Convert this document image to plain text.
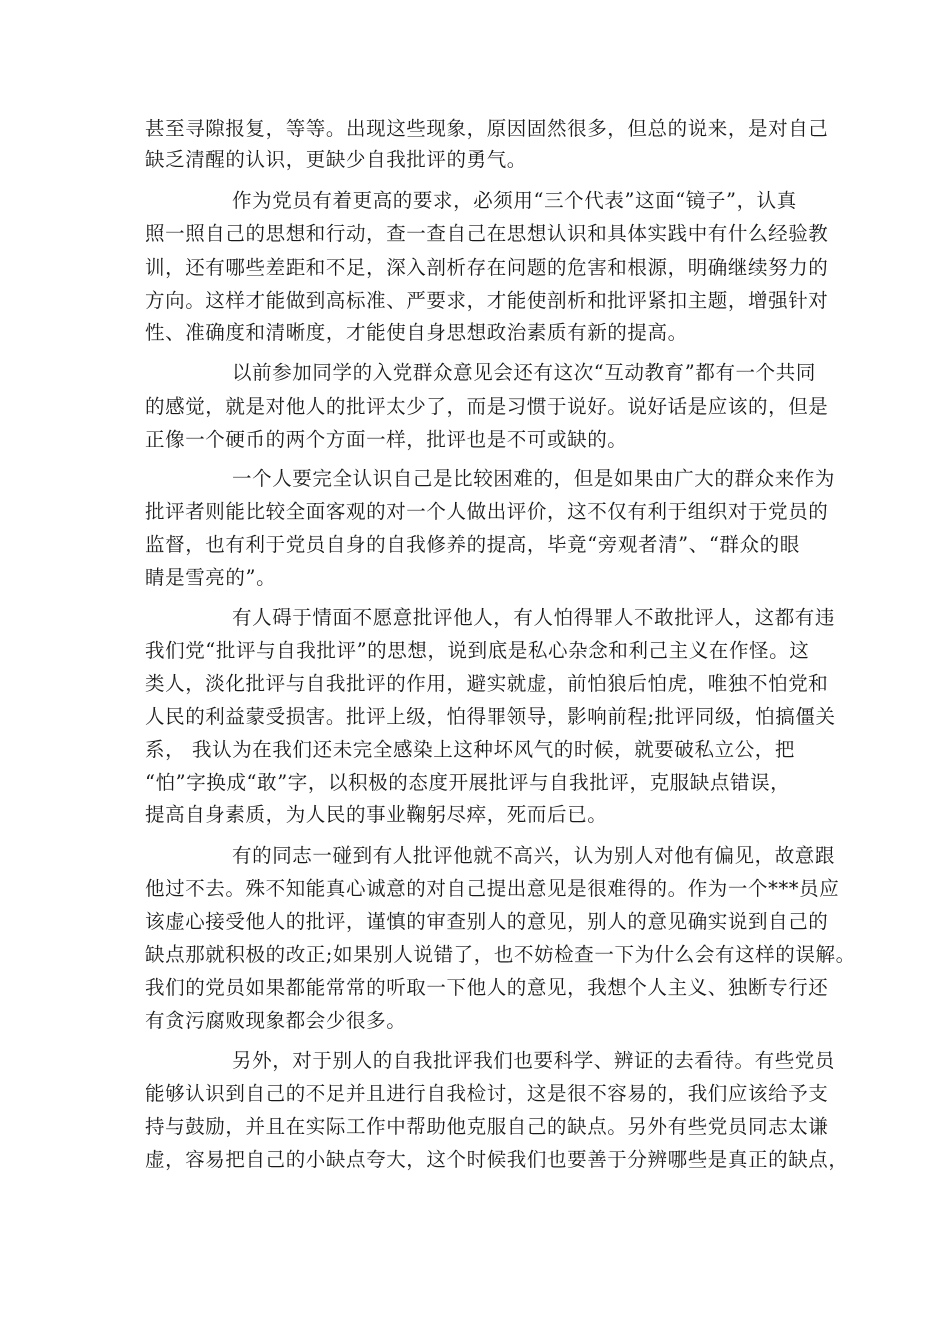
甚至寻隙报复，等等。出现这些现象，原因固然很多，但总的说来，是对自己
缺乏清醒的认识，更缺少自我批评的勇气。
作为党员有着更高的要求，必须用“三个代表”这面“镜子”，认真
照一照自己的思想和行动，查一查自己在思想认识和具体实践中有什么经验教
训，还有哪些差距和不足，深入剖析存在问题的危害和根源，明确继续努力的
方向。这样才能做到高标准、严要求，才能使剖析和批评紧扣主题，增强针对
性、准确度和清晰度，才能使自身思想政治素质有新的提高。
以前参加同学的入党群众意见会还有这次“互动教育”都有一个共同
的感觉，就是对他人的批评太少了，而是习惯于说好。说好话是应该的，但是
正像一个硬币的两个方面一样，批评也是不可或缺的。
一个人要完全认识自己是比较困难的，但是如果由广大的群众来作为
批评者则能比较全面客观的对一个人做出评价，这不仅有利于组织对于党员的
监督，也有利于党员自身的自我修养的提高，毕竟“旁观者清”、“群众的眼
睛是雪亮的”。
有人碍于情面不愿意批评他人，有人怕得罪人不敢批评人，这都有违
我们党“批评与自我批评”的思想，说到底是私心杂念和利己主义在作怪。这
类人，淡化批评与自我批评的作用，避实就虚，前怕狼后怕虎，唯独不怕党和
人民的利益蒙受损害。批评上级，怕得罪领导，影响前程;批评同级，怕搞僵关
系， 我认为在我们还未完全感染上这种坏风气的时候，就要破私立公，把
“怕”字换成“敢”字，以积极的态度开展批评与自我批评，克服缺点错误，
提高自身素质，为人民的事业鞠躬尽瘁，死而后已。
有的同志一碰到有人批评他就不高兴，认为别人对他有偏见，故意跟
他过不去。殊不知能真心诚意的对自己提出意见是很难得的。作为一个***员应
该虚心接受他人的批评，谨慎的审查别人的意见，别人的意见确实说到自己的
缺点那就积极的改正;如果别人说错了，也不妨检查一下为什么会有这样的误解。
我们的党员如果都能常常的听取一下他人的意见，我想个人主义、独断专行还
有贪污腐败现象都会少很多。
另外，对于别人的自我批评我们也要科学、辨证的去看待。有些党员
能够认识到自己的不足并且进行自我检讨，这是很不容易的，我们应该给予支
持与鼓励，并且在实际工作中帮助他克服自己的缺点。另外有些党员同志太谦
虚，容易把自己的小缺点夸大，这个时候我们也要善于分辨哪些是真正的缺点，
